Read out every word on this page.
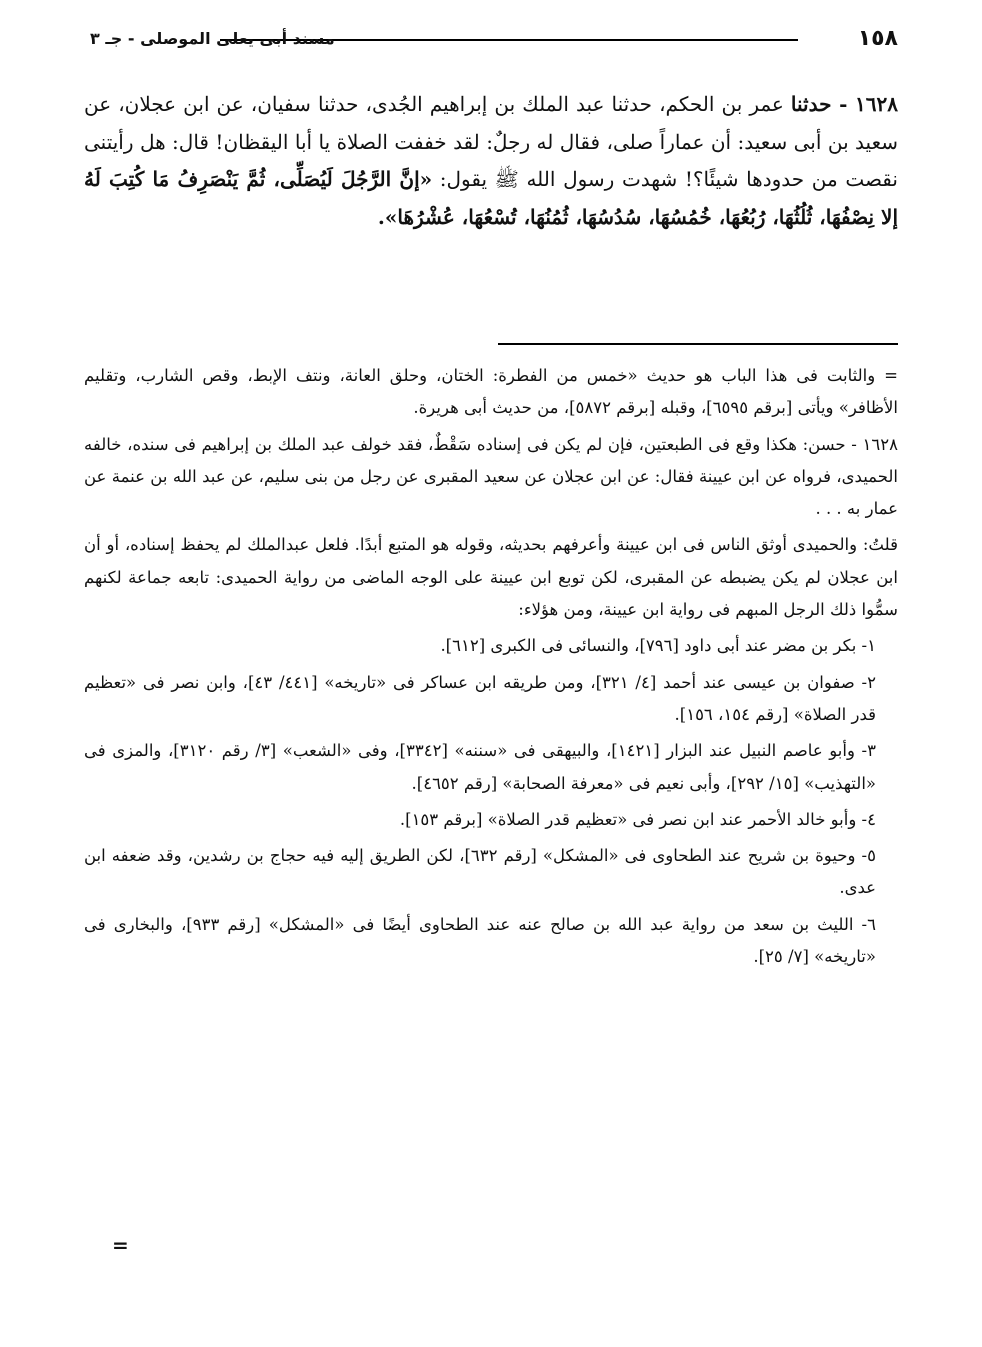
١٥٨
مسند أبى يعلى الموصلى - جـ ٣

١٦٢٨ - حدثنا عمر بن الحكم، حدثنا عبد الملك بن إبراهيم الجُدى، حدثنا سفيان، عن ابن عجلان، عن سعيد بن أبى سعيد: أن عماراً صلى، فقال له رجلٌ: لقد خففت الصلاة يا أبا اليقظان! قال: هل رأيتنى نقصت من حدودها شيئًا؟! شهدت رسول الله ﷺ يقول: «إنَّ الرَّجُلَ لَيُصَلِّى، ثُمَّ يَنْصَرِفُ مَا كُتِبَ لَهُ إلا نِصْفُهَا، ثُلُثُهَا، رُبُعُهَا، خُمُسُهَا، سُدُسُهَا، ثُمُنُهَا، تُسْعُهَا، عُشْرُهَا».

= والثابت فى هذا الباب هو حديث «خمس من الفطرة: الختان، وحلق العانة، ونتف الإبط، وقص الشارب، وتقليم الأظافر» ويأتى [برقم ٦٥٩٥]، وقبله [برقم ٥٨٧٢]، من حديث أبى هريرة.

١٦٢٨ - حسن: هكذا وقع فى الطبعتين، فإن لم يكن فى إسناده سَقْطٌ، فقد خولف عبد الملك بن إبراهيم فى سنده، خالفه الحميدى، فرواه عن ابن عيينة فقال: عن ابن عجلان عن سعيد المقبرى عن رجل من بنى سليم، عن عبد الله بن عنمة عن عمار به . . .

قلتُ: والحميدى أوثق الناس فى ابن عيينة وأعرفهم بحديثه، وقوله هو المتبع أبدًا. فلعل عبدالملك لم يحفظ إسناده، أو أن ابن عجلان لم يكن يضبطه عن المقبرى، لكن توبع ابن عيينة على الوجه الماضى من رواية الحميدى: تابعه جماعة لكنهم سمُّوا ذلك الرجل المبهم فى رواية ابن عيينة، ومن هؤلاء:

١- بكر بن مضر عند أبى داود [٧٩٦]، والنسائى فى الكبرى [٦١٢].

٢- صفوان بن عيسى عند أحمد [٤/ ٣٢١]، ومن طريقه ابن عساكر فى «تاريخه» [٤٤١/ ٤٣]، وابن نصر فى «تعظيم قدر الصلاة» [رقم ١٥٤، ١٥٦].

٣- وأبو عاصم النبيل عند البزار [١٤٢١]، والبيهقى فى «سننه» [٣٣٤٢]، وفى «الشعب» [٣/ رقم ٣١٢٠]، والمزى فى «التهذيب» [١٥/ ٢٩٢]، وأبى نعيم فى «معرفة الصحابة» [رقم ٤٦٥٢].

٤- وأبو خالد الأحمر عند ابن نصر فى «تعظيم قدر الصلاة» [برقم ١٥٣].

٥- وحيوة بن شريح عند الطحاوى فى «المشكل» [رقم ٦٣٢]، لكن الطريق إليه فيه حجاج بن رشدين، وقد ضعفه ابن عدى.

٦- الليث بن سعد من رواية عبد الله بن صالح عنه عند الطحاوى أيضًا فى «المشكل» [رقم ٩٣٣]، والبخارى فى «تاريخه» [٧/ ٢٥].

=
